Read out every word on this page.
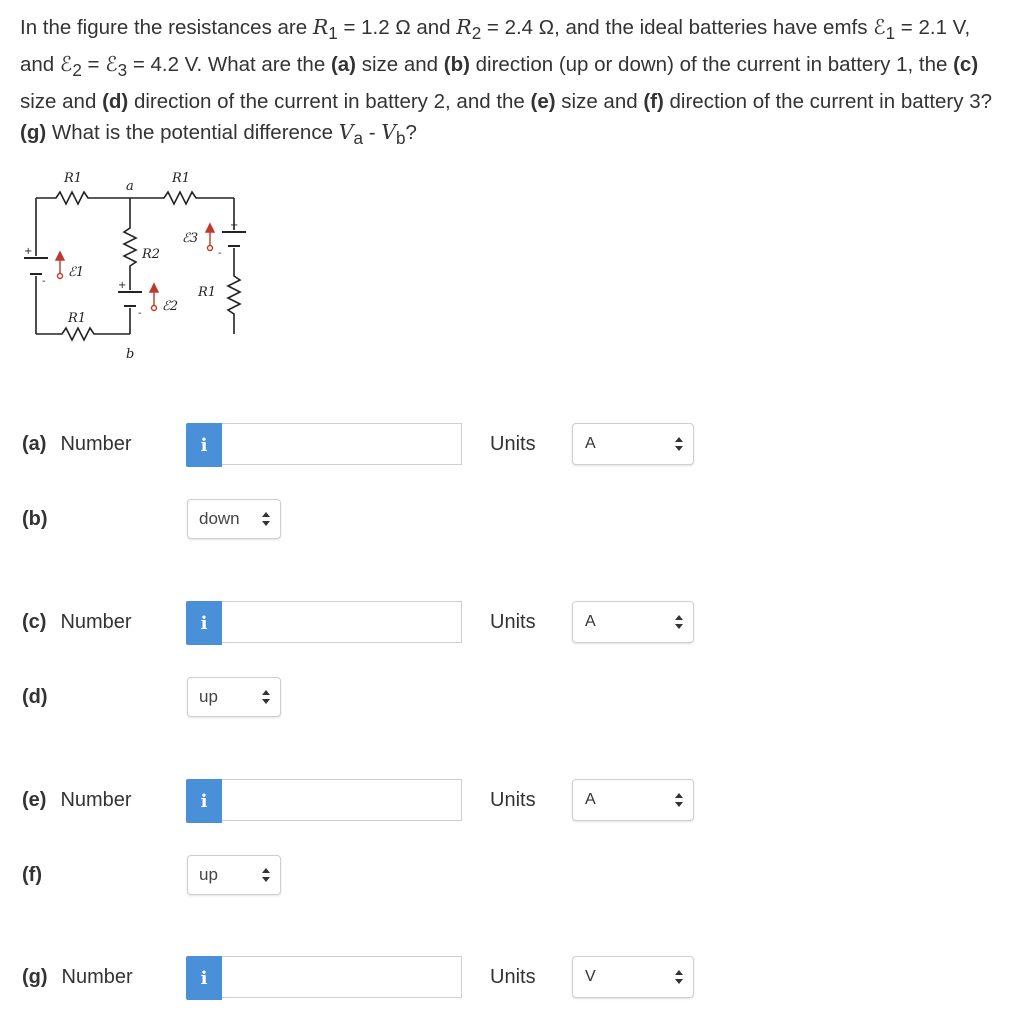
In the figure the resistances are $R_1 = 1.2$ Ω and $R_2 = 2.4$ Ω, and the ideal batteries have emfs ℰ$_1$ = 2.1 V, and ℰ$_2$ = ℰ$_3$ = 4.2 V. What are the (a) size and (b) direction (up or down) of the current in battery 1, the (c) size and (d) direction of the current in battery 2, and the (e) size and (f) direction of the current in battery 3? (g) What is the potential difference $V_a - V_b$?
R1	R1
R1
R1
R2
a
b
ℰ1
ℰ2
ℰ3
+
-	+
-
+
-
(a) Number	i	Units	A
(b)	down
(c) Number	i	Units	A
(d)	up
(e) Number	i	Units	A
(f)	up
(g) Number	i	Units	V
